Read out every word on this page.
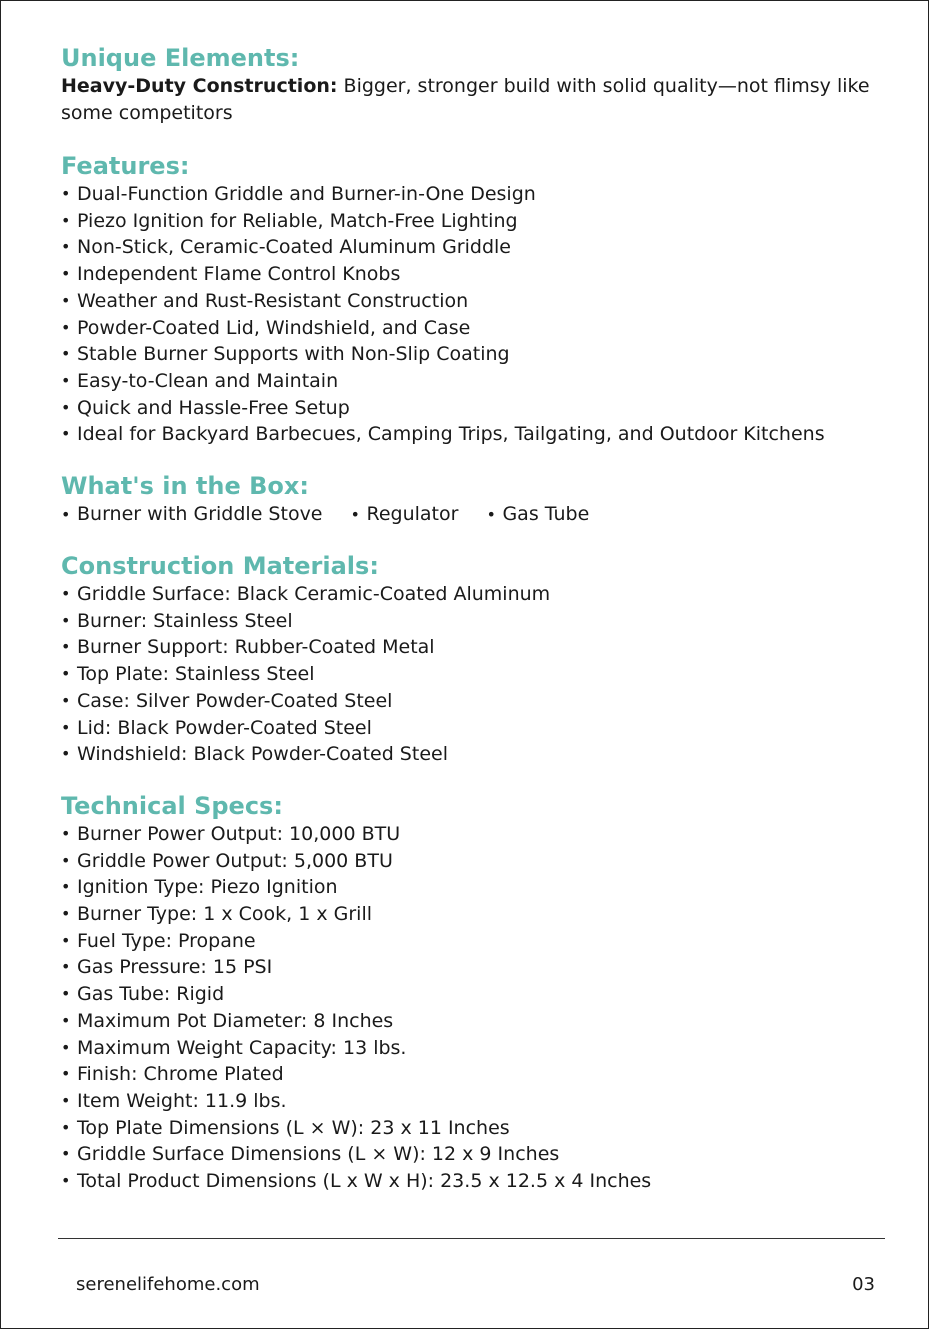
Unique Elements:

Heavy-Duty Construction: Bigger, stronger build with solid quality—not flimsy like some competitors

Features:
• Dual-Function Griddle and Burner-in-One Design
• Piezo Ignition for Reliable, Match-Free Lighting
• Non-Stick, Ceramic-Coated Aluminum Griddle
• Independent Flame Control Knobs
• Weather and Rust-Resistant Construction
• Powder-Coated Lid, Windshield, and Case
• Stable Burner Supports with Non-Slip Coating
• Easy-to-Clean and Maintain
• Quick and Hassle-Free Setup
• Ideal for Backyard Barbecues, Camping Trips, Tailgating, and Outdoor Kitchens
What's in the Box:
• Burner with Griddle Stove	• Regulator	• Gas Tube
Construction Materials:
• Griddle Surface: Black Ceramic-Coated Aluminum
• Burner: Stainless Steel
• Burner Support: Rubber-Coated Metal
• Top Plate: Stainless Steel
• Case: Silver Powder-Coated Steel
• Lid: Black Powder-Coated Steel
• Windshield: Black Powder-Coated Steel
Technical Specs:
• Burner Power Output: 10,000 BTU
• Griddle Power Output: 5,000 BTU
• Ignition Type: Piezo Ignition
• Burner Type: 1 x Cook, 1 x Grill
• Fuel Type: Propane
• Gas Pressure: 15 PSI
• Gas Tube: Rigid
• Maximum Pot Diameter: 8 Inches
• Maximum Weight Capacity: 13 lbs.
• Finish: Chrome Plated
• Item Weight: 11.9 lbs.
• Top Plate Dimensions (L × W): 23 x 11 Inches
• Griddle Surface Dimensions (L × W): 12 x 9 Inches
• Total Product Dimensions (L x W x H): 23.5 x 12.5 x 4 Inches
serenelifehome.com	03
